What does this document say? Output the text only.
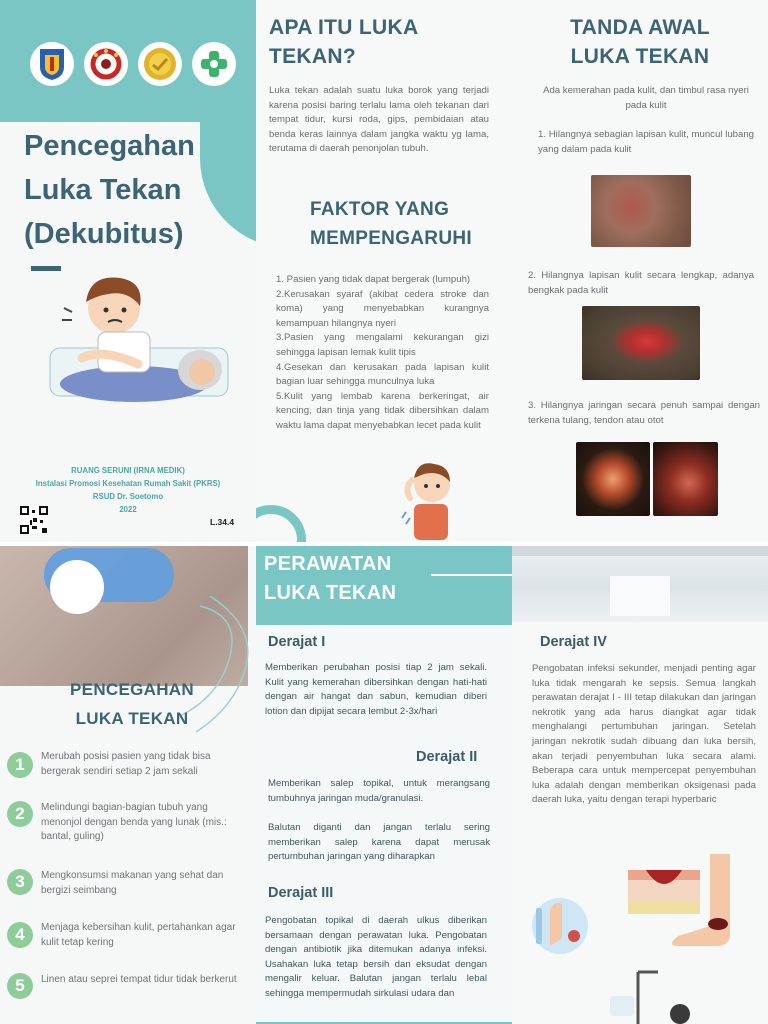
Pencegahan
Luka Tekan
(Dekubitus)
RUANG SERUNI (IRNA MEDIK)
Instalasi Promosi Kesehatan Rumah Sakit (PKRS)
RSUD Dr. Soetomo
2022
L.34.4
APA ITU LUKA
TEKAN?
Luka tekan adalah suatu luka borok yang terjadi karena posisi baring terlalu lama oleh tekanan dari tempat tidur, kursi roda, gips, pembidaian atau benda keras lainnya dalam jangka waktu yg lama, terutama di daerah penonjolan tubuh.
FAKTOR YANG
MEMPENGARUHI
1. Pasien yang tidak dapat bergerak (lumpuh)
2.Kerusakan syaraf (akibat cedera stroke dan koma) yang menyebabkan kurangnya kemampuan hilangnya nyeri
3.Pasien yang mengalami kekurangan gizi sehingga lapisan lemak kulit tipis
4.Gesekan dan kerusakan pada lapisan kulit bagian luar sehingga munculnya luka
5.Kulit yang lembab karena berkeringat, air kencing, dan tinja yang tidak dibersihkan dalam waktu lama dapat menyebabkan lecet pada kulit
TANDA AWAL
LUKA TEKAN
Ada kemerahan pada kulit, dan timbul rasa nyeri pada kulit
1. Hilangnya sebagian lapisan kulit, muncul lubang yang dalam pada kulit
2. Hilangnya lapisan kulit secara lengkap, adanya bengkak pada kulit
3. Hilangnya jaringan secara penuh sampai dengan terkena tulang, tendon atau otot
PENCEGAHAN
LUKA TEKAN
1	Merubah posisi pasien yang tidak bisa bergerak sendiri setiap 2 jam sekali
2	Melindungi bagian-bagian tubuh yang menonjol dengan benda yang lunak (mis.: bantal, guling)
3	Mengkonsumsi makanan yang sehat dan bergizi seimbang
4	Menjaga kebersihan kulit, pertahankan agar kulit tetap kering
5	Linen atau seprei tempat tidur tidak berkerut
PERAWATAN
LUKA TEKAN
Derajat I
Memberikan perubahan posisi tiap 2 jam sekali. Kulit yang kemerahan dibersihkan dengan hati-hati dengan air hangat dan sabun, kemudian diberi lotion dan dipijat secara lembut 2-3x/hari
Derajat II
Memberikan salep topikal, untuk merangsang tumbuhnya jaringan muda/granulasi.
Balutan diganti dan jangan terlalu sering memberikan salep karena dapat merusak pertumbuhan jaringan yang diharapkan
Derajat III
Pengobatan topikal di daerah ulkus diberikan bersamaan dengan perawatan luka. Pengobatan dengan antibiotik jika ditemukan adanya infeksi. Usahakan luka tetap bersih dan eksudat dengan mengalir keluar. Balutan jangan terlalu lebal sehingga mempermudah sirkulasi udara dan
Derajat IV
Pengobatan infeksi sekunder, menjadi penting agar luka tidak mengarah ke sepsis. Semua langkah perawatan derajat I - III tetap dilakukan dan jaringan nekrotik yang ada harus diangkat agar tidak menghalangi pertumbuhan jaringan. Setelah jaringan nekrotik sudah dibuang dan luka bersih, akan terjadi penyembuhan luka secara alami. Beberapa cara untuk mempercepat penyembuhan luka adalah dengan memberikan oksigenasi pada daerah luka, yaitu dengan terapi hyperbaric
